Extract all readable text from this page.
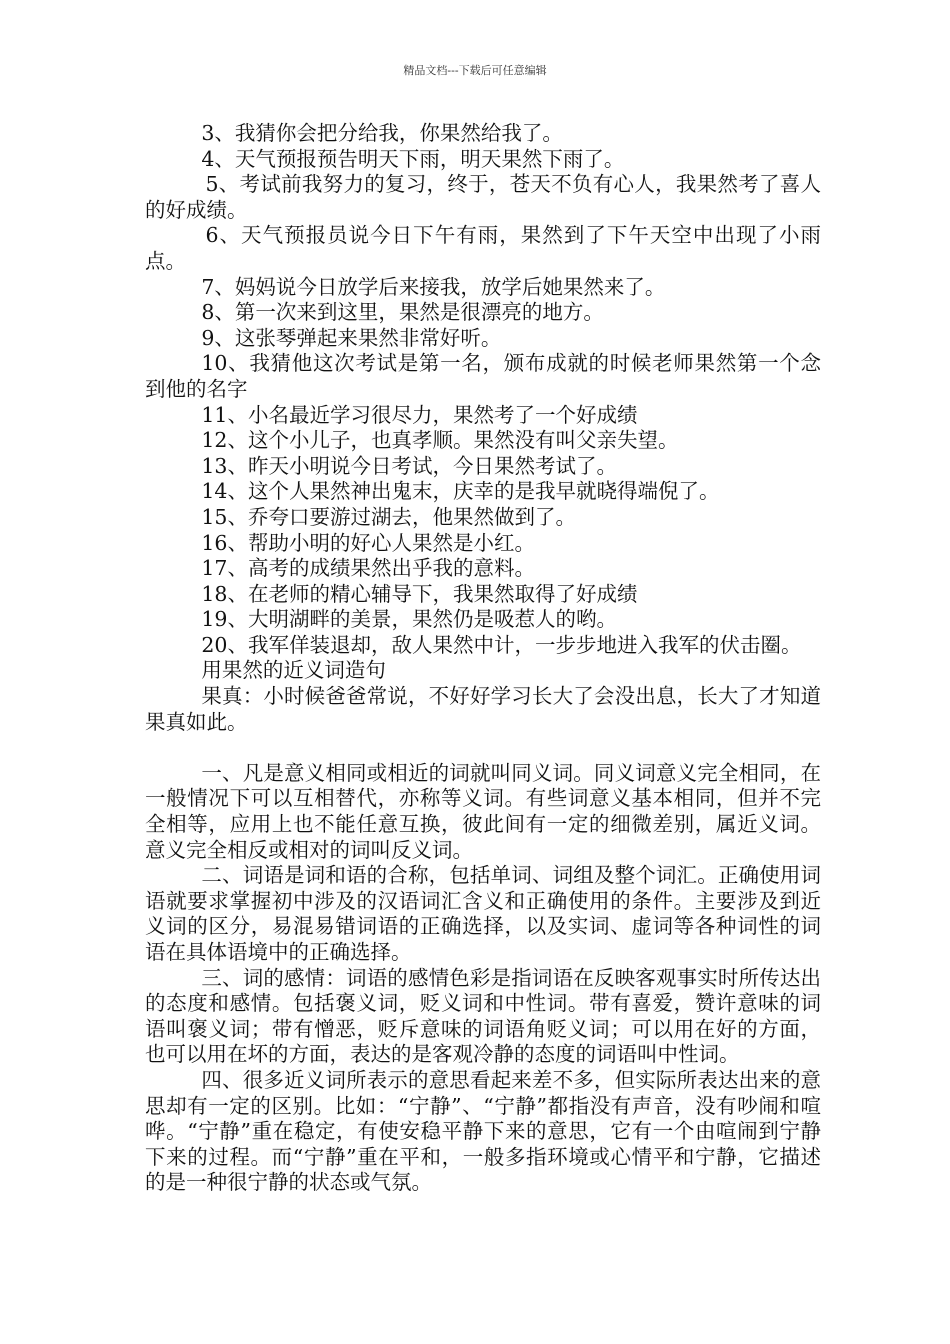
精品文档---下载后可任意编辑

3、我猜你会把分给我，你果然给我了。

4、天气预报预告明天下雨，明天果然下雨了。

5、考试前我努力的复习，终于，苍天不负有心人，我果然考了喜人的好成绩。

6、天气预报员说今日下午有雨，果然到了下午天空中出现了小雨点。

7、妈妈说今日放学后来接我，放学后她果然来了。

8、第一次来到这里，果然是很漂亮的地方。

9、这张琴弹起来果然非常好听。

10、我猜他这次考试是第一名，颁布成就的时候老师果然第一个念到他的名字

11、小名最近学习很尽力，果然考了一个好成绩

12、这个小儿子，也真孝顺。果然没有叫父亲失望。

13、昨天小明说今日考试，今日果然考试了。

14、这个人果然神出鬼末，庆幸的是我早就晓得端倪了。

15、乔夸口要游过湖去，他果然做到了。

16、帮助小明的好心人果然是小红。

17、高考的成绩果然出乎我的意料。

18、在老师的精心辅导下，我果然取得了好成绩

19、大明湖畔的美景，果然仍是吸惹人的哟。

20、我军佯装退却，敌人果然中计，一步步地进入我军的伏击圈。

用果然的近义词造句

果真：小时候爸爸常说，不好好学习长大了会没出息，长大了才知道果真如此。

一、凡是意义相同或相近的词就叫同义词。同义词意义完全相同，在一般情况下可以互相替代，亦称等义词。有些词意义基本相同，但并不完全相等，应用上也不能任意互换，彼此间有一定的细微差别，属近义词。意义完全相反或相对的词叫反义词。

二、词语是词和语的合称，包括单词、词组及整个词汇。正确使用词语就要求掌握初中涉及的汉语词汇含义和正确使用的条件。主要涉及到近义词的区分，易混易错词语的正确选择，以及实词、虚词等各种词性的词语在具体语境中的正确选择。

三、词的感情：词语的感情色彩是指词语在反映客观事实时所传达出的态度和感情。包括褒义词，贬义词和中性词。带有喜爱，赞许意味的词语叫褒义词；带有憎恶，贬斥意味的词语角贬义词；可以用在好的方面，也可以用在坏的方面，表达的是客观冷静的态度的词语叫中性词。

四、很多近义词所表示的意思看起来差不多，但实际所表达出来的意思却有一定的区别。比如：“宁静”、“宁静”都指没有声音，没有吵闹和喧哗。“宁静”重在稳定，有使安稳平静下来的意思，它有一个由喧闹到宁静下来的过程。而“宁静”重在平和，一般多指环境或心情平和宁静，它描述的是一种很宁静的状态或气氛。
